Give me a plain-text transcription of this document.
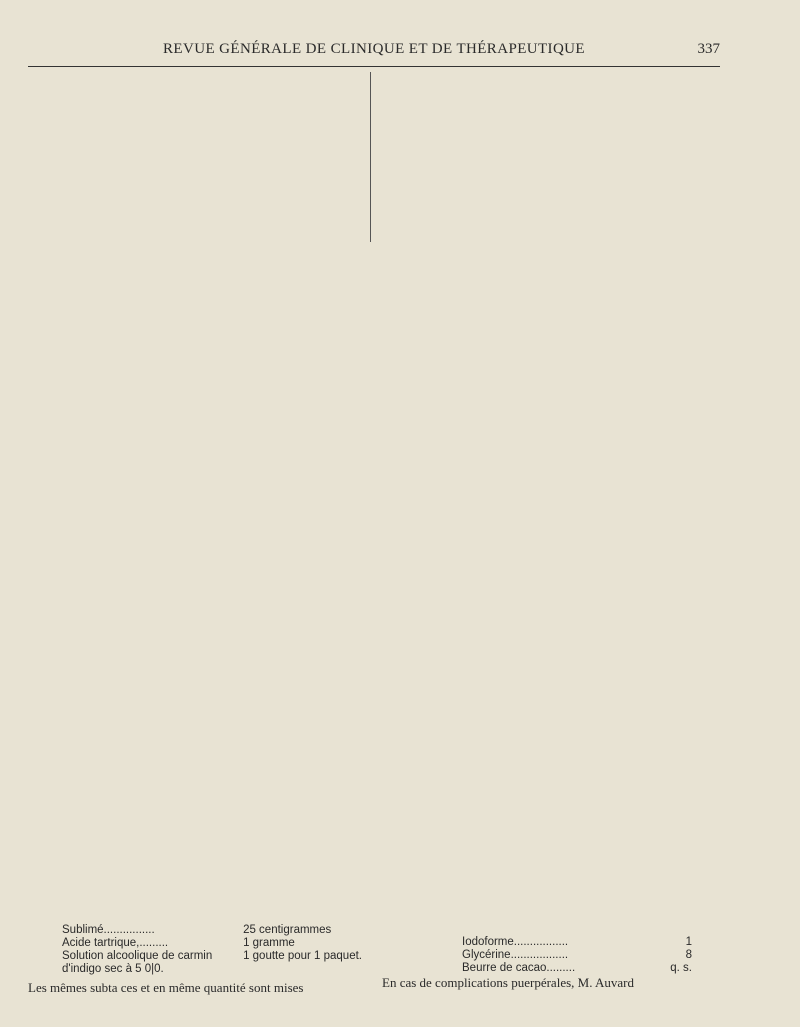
REVUE GÉNÉRALE DE CLINIQUE ET DE THÉRAPEUTIQUE	337
Sublimé................	25 centigrammes
Acide tartrique,.........	1 gramme
Solution alcoolique de carmin d'indigo sec à 5 0|0.	1 goutte pour 1 paquet.
Iodoforme.................	1
Glycérine..................	8
Beurre de cacao.........	q. s.
Les mêmes subta ces et en même quantité sont mises	En cas de complications puerpérales, M. Auvard
